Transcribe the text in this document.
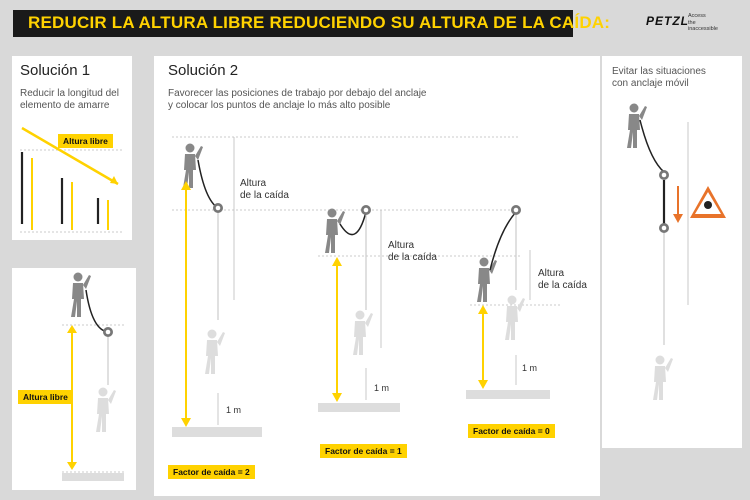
REDUCIR LA ALTURA LIBRE REDUCIENDO SU ALTURA DE LA CAÍDA:	PETZL Access
the
inaccessible
Solución 1
Reducir la longitud del
elemento de amarre
Altura libre
Altura libre
Solución 2
Favorecer las posiciones de trabajo por debajo del anclaje
y colocar los puntos de anclaje lo más alto posible
Altura
de la caída
1 m
Factor de caída = 2
Altura
de la caída
1 m
Factor de caída = 1
Altura
de la caída
1 m
Factor de caída = 0
Evitar las situaciones
con anclaje móvil
